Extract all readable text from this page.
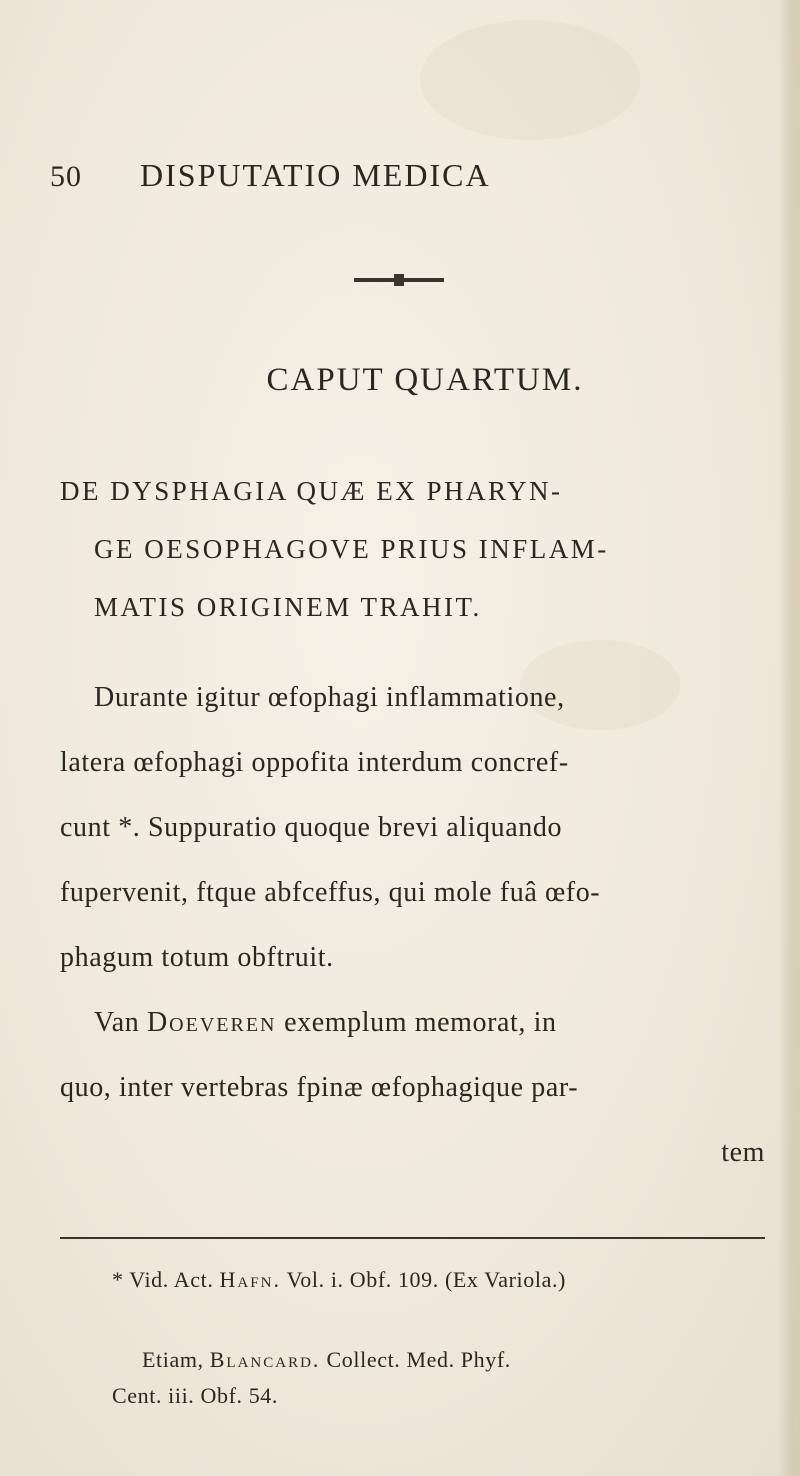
50 DISPUTATIO MEDICA
CAPUT QUARTUM.
DE DYSPHAGIA QUÆ EX PHARYN-
GE OESOPHAGOVE PRIUS INFLAM-
MATIS ORIGINEM TRAHIT.
Durante igitur œfophagi inflammatione,
latera œfophagi oppofita interdum concref-
cunt *. Suppuratio quoque brevi aliquando
fupervenit, ftque abfceffus, qui mole fuâ œfo-
phagum totum obftruit.
Van Doeveren exemplum memorat, in
quo, inter vertebras fpinæ œfophagique par-
tem
* Vid. Act. Hafn. Vol. i. Obf. 109. (Ex Variola.)
Etiam, Blancard. Collect. Med. Phyf.
Cent. iii. Obf. 54.
